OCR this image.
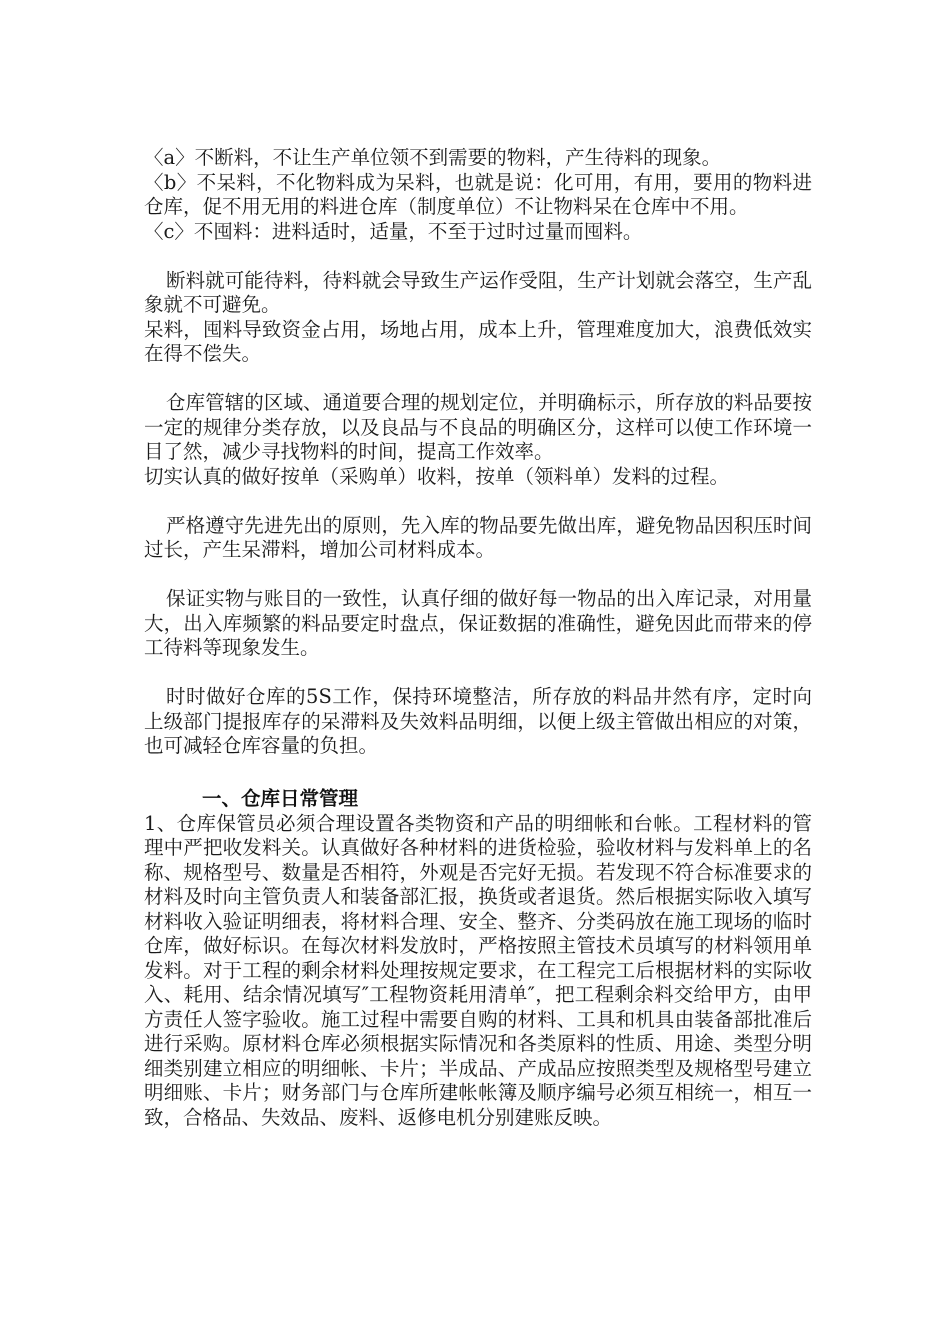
〈a〉不断料，不让生产单位领不到需要的物料，产生待料的现象。

〈b〉不呆料，不化物料成为呆料，也就是说：化可用，有用，要用的物料进仓库，促不用无用的料进仓库（制度单位）不让物料呆在仓库中不用。

〈c〉不囤料：进料适时，适量，不至于过时过量而囤料。

断料就可能待料，待料就会导致生产运作受阻，生产计划就会落空，生产乱象就不可避免。

呆料，囤料导致资金占用，场地占用，成本上升，管理难度加大，浪费低效实在得不偿失。

仓库管辖的区域、通道要合理的规划定位，并明确标示，所存放的料品要按一定的规律分类存放，以及良品与不良品的明确区分，这样可以使工作环境一目了然，减少寻找物料的时间，提高工作效率。

切实认真的做好按单（采购单）收料，按单（领料单）发料的过程。

严格遵守先进先出的原则，先入库的物品要先做出库，避免物品因积压时间过长，产生呆滞料，增加公司材料成本。

保证实物与账目的一致性，认真仔细的做好每一物品的出入库记录，对用量大，出入库频繁的料品要定时盘点，保证数据的准确性，避免因此而带来的停工待料等现象发生。

时时做好仓库的5S工作，保持环境整洁，所存放的料品井然有序，定时向上级部门提报库存的呆滞料及失效料品明细，以便上级主管做出相应的对策，也可减轻仓库容量的负担。

一、仓库日常管理

1、仓库保管员必须合理设置各类物资和产品的明细帐和台帐。工程材料的管理中严把收发料关。认真做好各种材料的进货检验，验收材料与发料单上的名称、规格型号、数量是否相符，外观是否完好无损。若发现不符合标准要求的材料及时向主管负责人和装备部汇报，换货或者退货。然后根据实际收入填写材料收入验证明细表，将材料合理、安全、整齐、分类码放在施工现场的临时仓库，做好标识。在每次材料发放时，严格按照主管技术员填写的材料领用单发料。对于工程的剩余材料处理按规定要求，在工程完工后根据材料的实际收入、耗用、结余情况填写″工程物资耗用清单″，把工程剩余料交给甲方，由甲方责任人签字验收。施工过程中需要自购的材料、工具和机具由装备部批准后进行采购。原材料仓库必须根据实际情况和各类原料的性质、用途、类型分明细类别建立相应的明细帐、卡片；半成品、产成品应按照类型及规格型号建立明细账、卡片；财务部门与仓库所建帐帐簿及顺序编号必须互相统一，相互一致，合格品、失效品、废料、返修电机分别建账反映。
